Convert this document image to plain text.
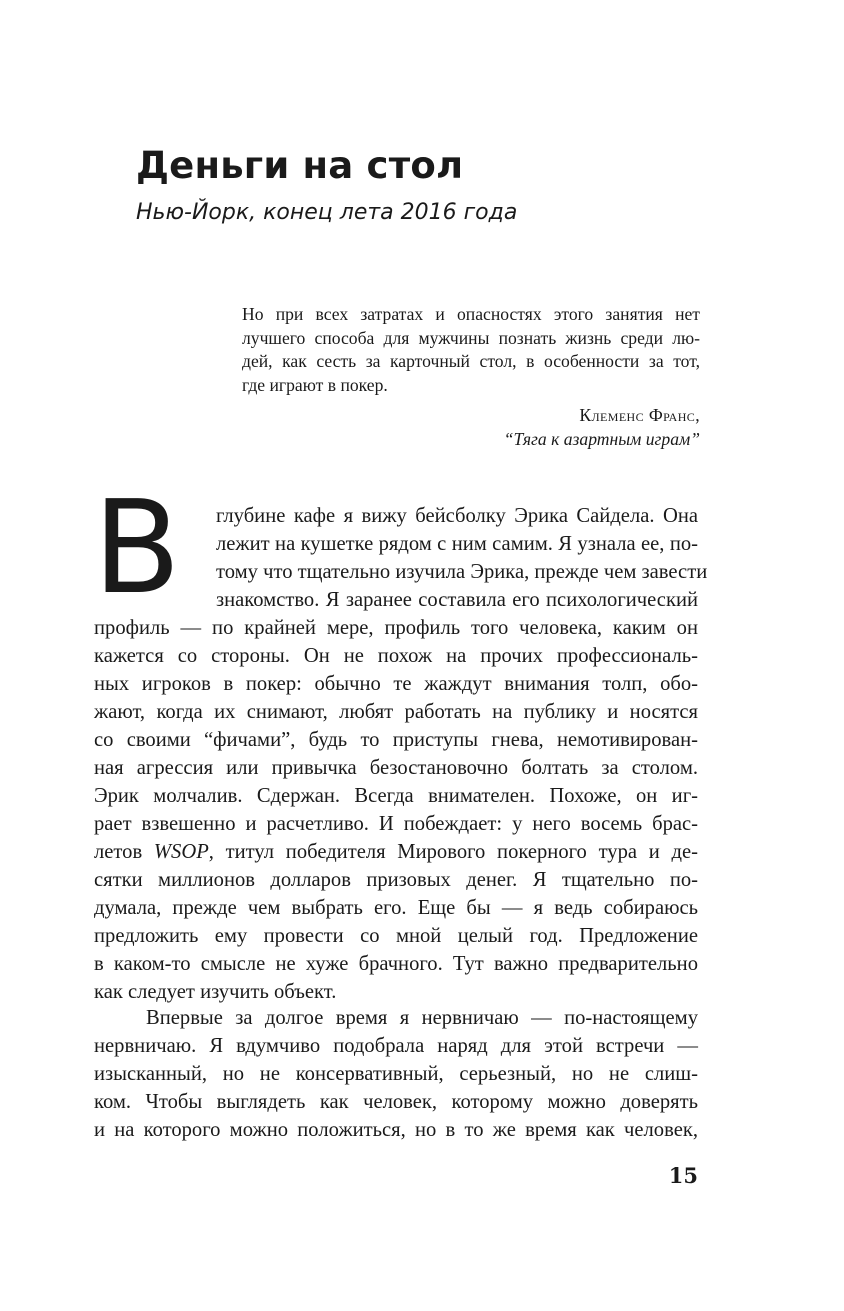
Деньги на стол
Нью-Йорк, конец лета 2016 года
Но при всех затратах и опасностях этого занятия нет
лучшего способа для мужчины познать жизнь среди лю-
дей, как сесть за карточный стол, в особенности за тот,
где играют в покер.
Клеменс Франс,
“Тяга к азартным играм”
В глубине кафе я вижу бейсболку Эрика Сайдела. Она
лежит на кушетке рядом с ним самим. Я узнала ее, по-
тому что тщательно изучила Эрика, прежде чем завести
знакомство. Я заранее составила его психологический
профиль — по крайней мере, профиль того человека, каким он
кажется со стороны. Он не похож на прочих профессиональ-
ных игроков в покер: обычно те жаждут внимания толп, обо-
жают, когда их снимают, любят работать на публику и носятся
со своими “фичами”, будь то приступы гнева, немотивирован-
ная агрессия или привычка безостановочно болтать за столом.
Эрик молчалив. Сдержан. Всегда внимателен. Похоже, он иг-
рает взвешенно и расчетливо. И побеждает: у него восемь брас-
летов WSOP, титул победителя Мирового покерного тура и де-
сятки миллионов долларов призовых денег. Я тщательно по-
думала, прежде чем выбрать его. Еще бы — я ведь собираюсь
предложить ему провести со мной целый год. Предложение
в каком-то смысле не хуже брачного. Тут важно предварительно
как следует изучить объект.
Впервые за долгое время я нервничаю — по-настоящему
нервничаю. Я вдумчиво подобрала наряд для этой встречи —
изысканный, но не консервативный, серьезный, но не слиш-
ком. Чтобы выглядеть как человек, которому можно доверять
и на которого можно положиться, но в то же время как человек,
15
